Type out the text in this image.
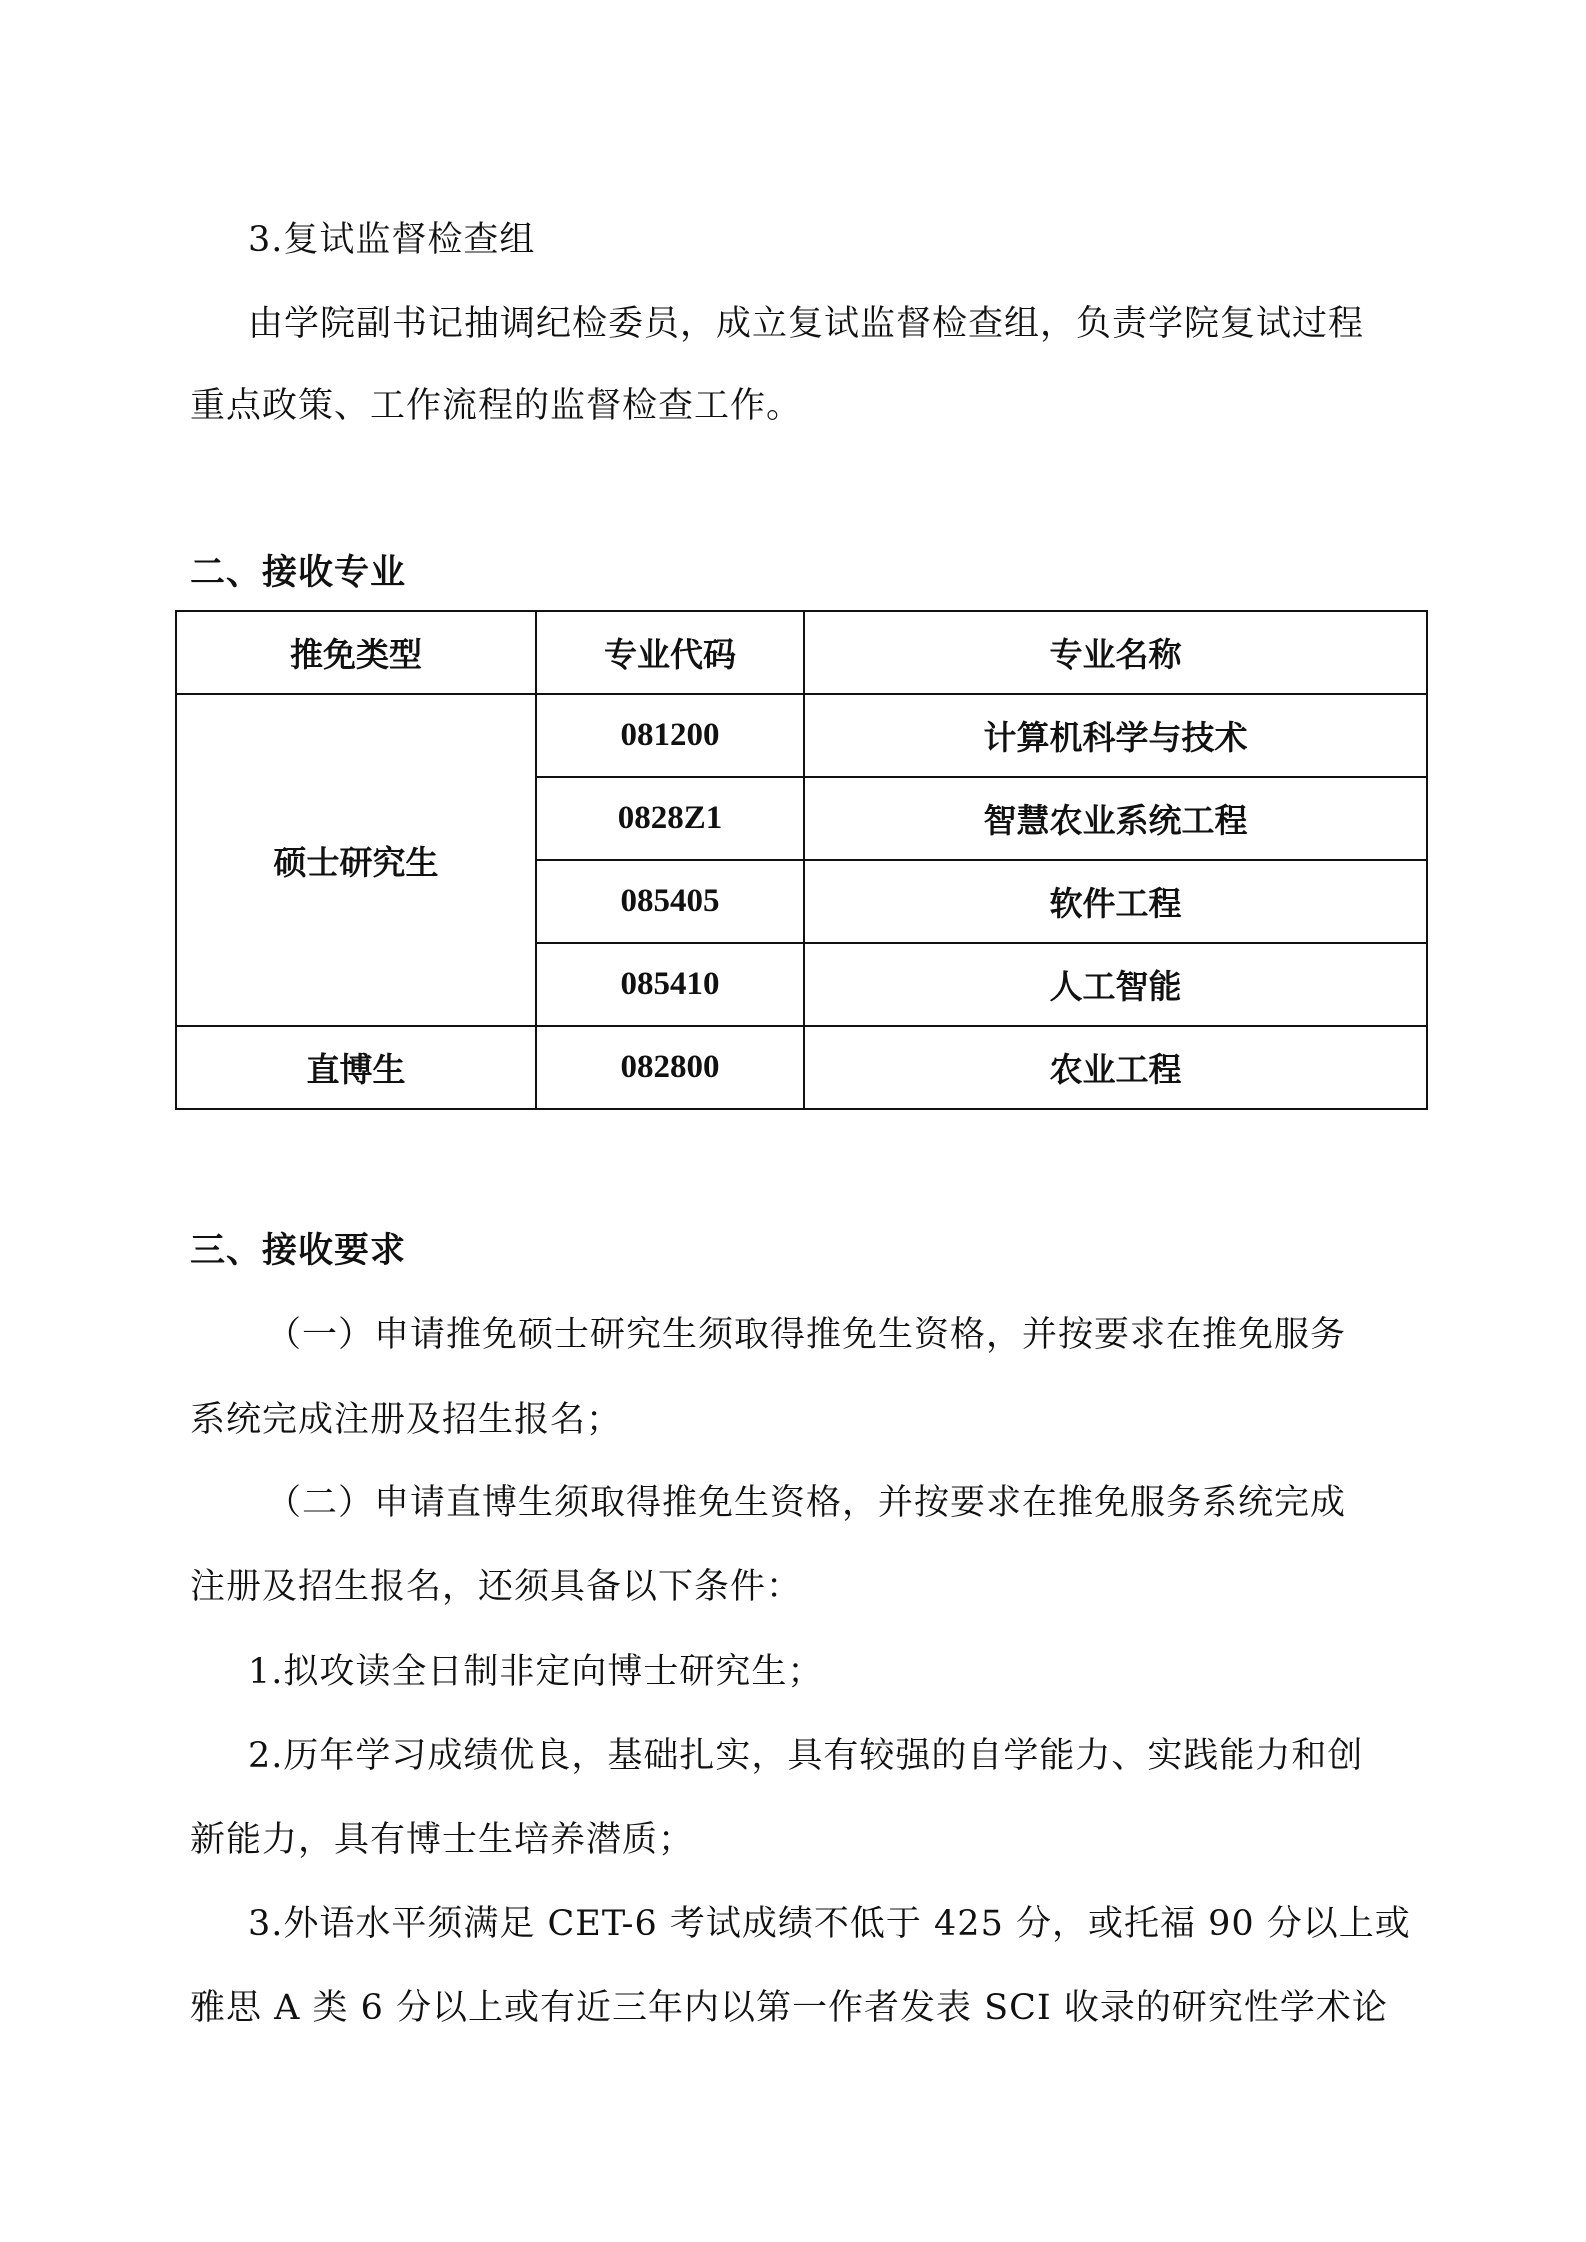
3.复试监督检查组
由学院副书记抽调纪检委员，成立复试监督检查组，负责学院复试过程
重点政策、工作流程的监督检查工作。
二、接收专业
推免类型	专业代码	专业名称
硕士研究生	081200	计算机科学与技术
	0828Z1	智慧农业系统工程
	085405	软件工程
	085410	人工智能
直博生	082800	农业工程
三、接收要求
（一）申请推免硕士研究生须取得推免生资格，并按要求在推免服务
系统完成注册及招生报名；
（二）申请直博生须取得推免生资格，并按要求在推免服务系统完成
注册及招生报名，还须具备以下条件：
1.拟攻读全日制非定向博士研究生；
2.历年学习成绩优良，基础扎实，具有较强的自学能力、实践能力和创
新能力，具有博士生培养潜质；
3.外语水平须满足 CET-6 考试成绩不低于 425 分，或托福 90 分以上或
雅思 A 类 6 分以上或有近三年内以第一作者发表 SCI 收录的研究性学术论
